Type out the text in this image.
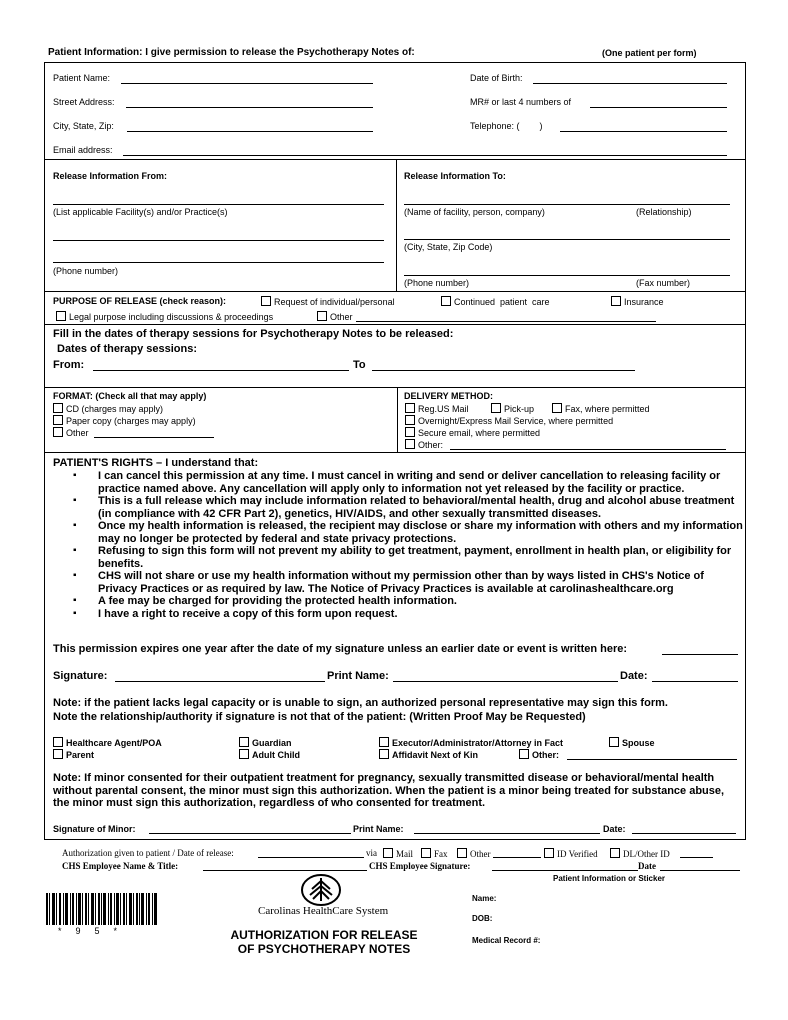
Patient Information: I give permission to release the Psychotherapy Notes of:	(One patient per form)
Patient Name:	Date of Birth:
Street Address:	MR# or last 4 numbers of
City, State, Zip:	Telephone: (        )
Email address:
Release Information From:
(List applicable Facility(s) and/or Practice(s)
(Phone number)
Release Information To:
(Name of facility, person, company)	(Relationship)
(City, State, Zip Code)
(Phone number)	(Fax number)
PURPOSE OF RELEASE (check reason):	Request of individual/personal	Continued  patient  care	Insurance
Legal purpose including discussions & proceedings	Other
Fill in the dates of therapy sessions for Psychotherapy Notes to be released:
Dates of therapy sessions:
From:	To
FORMAT: (Check all that may apply)
CD (charges may apply)
Paper copy (charges may apply)
Other
DELIVERY METHOD:
Reg.US Mail	Pick-up	Fax, where permitted
Overnight/Express Mail Service, where permitted
Secure email, where permitted
Other:
PATIENT'S RIGHTS – I understand that:
▪ I can cancel this permission at any time. I must cancel in writing and send or deliver cancellation to releasing facility or practice named above. Any cancellation will apply only to information not yet released by the facility or practice.
▪ This is a full release which may include information related to behavioral/mental health, drug and alcohol abuse treatment (in compliance with 42 CFR Part 2), genetics, HIV/AIDS, and other sexually transmitted diseases.
▪ Once my health information is released, the recipient may disclose or share my information with others and my information may no longer be protected by federal and state privacy protections.
▪ Refusing to sign this form will not prevent my ability to get treatment, payment, enrollment in health plan, or eligibility for benefits.
▪ CHS will not share or use my health information without my permission other than by ways listed in CHS's Notice of Privacy Practices or as required by law. The Notice of Privacy Practices is available at carolinashealthcare.org
▪ A fee may be charged for providing the protected health information.
▪ I have a right to receive a copy of this form upon request.
This permission expires one year after the date of my signature unless an earlier date or event is written here:
Signature:	Print Name:	Date:
Note: if the patient lacks legal capacity or is unable to sign, an authorized personal representative may sign this form.
Note the relationship/authority if signature is not that of the patient: (Written Proof May be Requested)
Healthcare Agent/POA	Guardian	Executor/Administrator/Attorney in Fact	Spouse
Parent	Adult Child	Affidavit Next of Kin	Other:
Note: If minor consented for their outpatient treatment for pregnancy, sexually transmitted disease or behavioral/mental health without parental consent, the minor must sign this authorization. When the patient is a minor being treated for substance abuse, the minor must sign this authorization, regardless of who consented for treatment.
Signature of Minor:	Print Name:	Date:
Authorization given to patient / Date of release:	via	Mail	Fax	Other	ID Verified	DL/Other ID
CHS Employee Name & Title:	CHS Employee Signature:	Date
Patient Information or Sticker
Carolinas HealthCare System
*  9  5  *	AUTHORIZATION FOR RELEASE
OF PSYCHOTHERAPY NOTES
Name:
DOB:
Medical Record #:
